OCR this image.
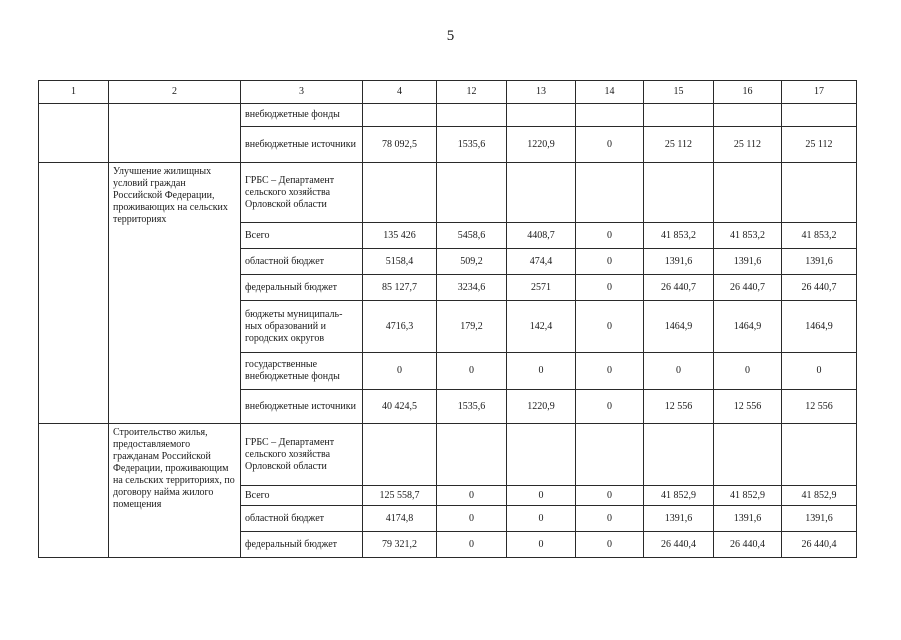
5
1	2	3	4	12	13	14	15	16	17
		внебюджетные фонды							
		внебюджетные источники	78 092,5	1535,6	1220,9	0	25 112	25 112	25 112
	Улучшение жилищных условий граждан Российской Федерации, проживающих на сельских территориях	ГРБС – Департамент сельского хозяйства Орловской области							
		Всего	135 426	5458,6	4408,7	0	41 853,2	41 853,2	41 853,2
		областной бюджет	5158,4	509,2	474,4	0	1391,6	1391,6	1391,6
		федеральный бюджет	85 127,7	3234,6	2571	0	26 440,7	26 440,7	26 440,7
		бюджеты муниципаль-ных образований и городских округов	4716,3	179,2	142,4	0	1464,9	1464,9	1464,9
		государственные внебюджетные фонды	0	0	0	0	0	0	0
		внебюджетные источники	40 424,5	1535,6	1220,9	0	12 556	12 556	12 556
	Строительство жилья, предоставляемого гражданам Российской Федерации, проживающим на сельских территориях, по договору найма жилого помещения	ГРБС – Департамент сельского хозяйства Орловской области							
		Всего	125 558,7	0	0	0	41 852,9	41 852,9	41 852,9
		областной бюджет	4174,8	0	0	0	1391,6	1391,6	1391,6
		федеральный бюджет	79 321,2	0	0	0	26 440,4	26 440,4	26 440,4
